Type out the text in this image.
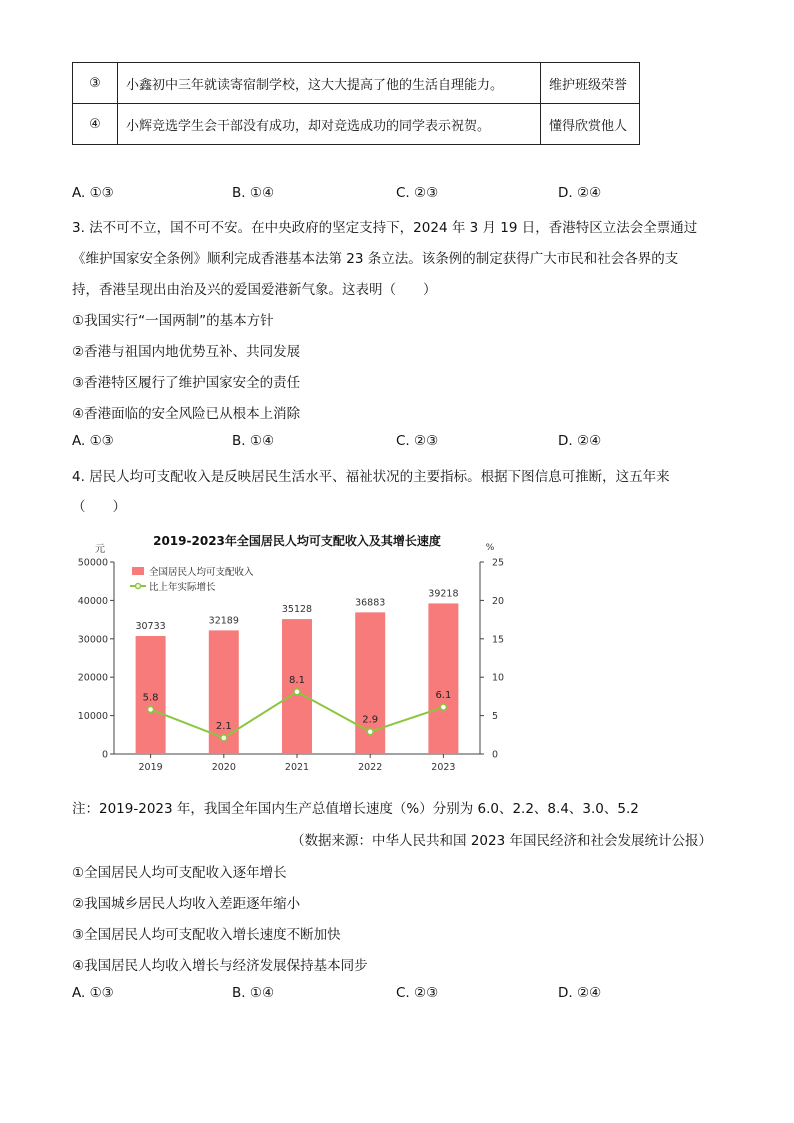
③	小鑫初中三年就读寄宿制学校，这大大提高了他的生活自理能力。	维护班级荣誉
④	小辉竞选学生会干部没有成功，却对竞选成功的同学表示祝贺。	懂得欣赏他人
A. ①③	B. ①④	C. ②③	D. ②④
3. 法不可不立，国不可不安。在中央政府的坚定支持下，2024 年 3 月 19 日，香港特区立法会全票通过
《维护国家安全条例》顺利完成香港基本法第 23 条立法。该条例的制定获得广大市民和社会各界的支
持，香港呈现出由治及兴的爱国爱港新气象。这表明（　　）
①我国实行“一国两制”的基本方针
②香港与祖国内地优势互补、共同发展
③香港特区履行了维护国家安全的责任
④香港面临的安全风险已从根本上消除
A. ①③	B. ①④	C. ②③	D. ②④
4. 居民人均可支配收入是反映居民生活水平、福祉状况的主要指标。根据下图信息可推断，这五年来
（　　）
2019-2023年全国居民人均可支配收入及其增长速度
元	%
0
10000
20000
30000
40000
50000
0
5
10
15
20
25
30733
2019
32189
2020
35128
2021
36883
2022
39218
2023
5.8
2.1
8.1
2.9
6.1
全国居民人均可支配收入
比上年实际增长
注：2019-2023 年，我国全年国内生产总值增长速度（%）分别为 6.0、2.2、8.4、3.0、5.2
（数据来源：中华人民共和国 2023 年国民经济和社会发展统计公报）
①全国居民人均可支配收入逐年增长
②我国城乡居民人均收入差距逐年缩小
③全国居民人均可支配收入增长速度不断加快
④我国居民人均收入增长与经济发展保持基本同步
A. ①③	B. ①④	C. ②③	D. ②④
